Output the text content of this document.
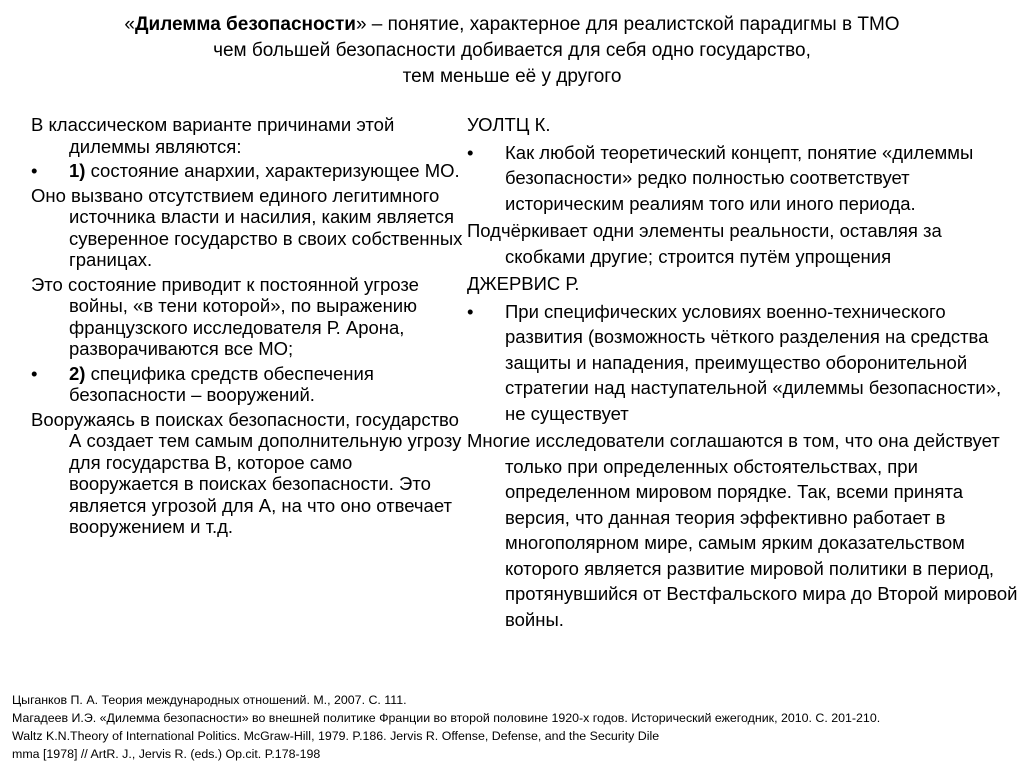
«Дилемма безопасности» – понятие, характерное для реалистской парадигмы в ТМО
чем большей безопасности добивается для себя одно государство,
тем меньше её у другого
В классическом варианте причинами этой дилеммы являются:
• 1) состояние анархии, характеризующее МО.
Оно вызвано отсутствием единого легитимного источника власти и насилия, каким является суверенное государство в своих собственных границах.
Это состояние приводит к постоянной угрозе войны, «в тени которой», по выражению французского исследователя Р. Арона, разворачиваются все МО;
• 2) специфика средств обеспечения безопасности – вооружений.
Вооружаясь в поисках безопасности, государство А создает тем самым дополнительную угрозу для государства В, которое само вооружается в поисках безопасности. Это является угрозой для А, на что оно отвечает вооружением и т.д.
УОЛТЦ К.
• Как любой теоретический концепт, понятие «дилеммы безопасности» редко полностью соответствует историческим реалиям того или иного периода.
Подчёркивает одни элементы реальности, оставляя за скобками другие; строится путём упрощения
ДЖЕРВИС Р.
• При специфических условиях военно-технического развития (возможность чёткого разделения на средства защиты и нападения, преимущество оборонительной стратегии над наступательной «дилеммы безопасности», не существует
Многие исследователи соглашаются в том, что она действует только при определенных обстоятельствах, при определенном мировом порядке. Так, всеми принята версия, что данная теория эффективно работает в многополярном мире, самым ярким доказательством которого является развитие мировой политики в период, протянувшийся от Вестфальского мира до Второй мировой войны.
Цыганков П. А. Теория международных отношений. М., 2007. С. 111.
Магадеев И.Э. «Дилемма безопасности» во внешней политике Франции во второй половине 1920-х годов. Исторический ежегодник, 2010. С. 201-210.
Waltz K.N.Theory of International Politics. McGraw-Hill, 1979. P.186. Jervis R. Offense, Defense, and the Security Dile
mma [1978] // ArtR. J., Jervis R. (eds.) Op.cit. P.178-198
